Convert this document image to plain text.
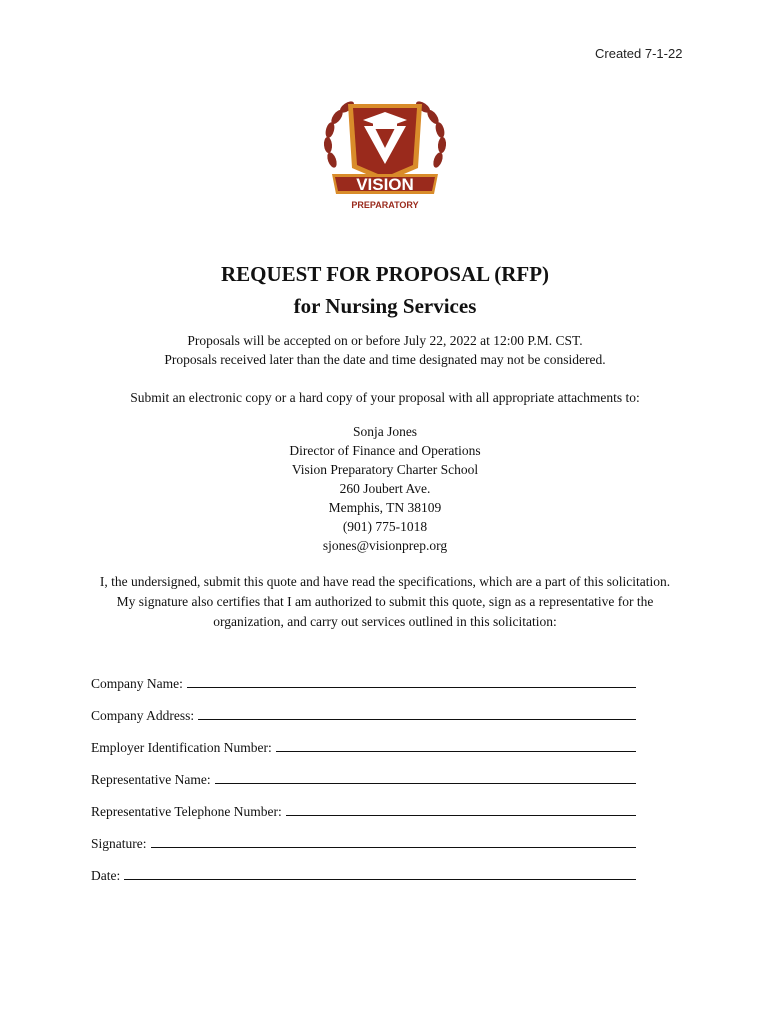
Created 7-1-22
VISION
PREPARATORY
REQUEST FOR PROPOSAL (RFP)
for Nursing Services
Proposals will be accepted on or before July 22, 2022 at 12:00 P.M. CST.
Proposals received later than the date and time designated may not be considered.
Submit an electronic copy or a hard copy of your proposal with all appropriate attachments to:
Sonja Jones
Director of Finance and Operations
Vision Preparatory Charter School
260 Joubert Ave.
Memphis, TN 38109
(901) 775-1018
sjones@visionprep.org
I, the undersigned, submit this quote and have read the specifications, which are a part of this solicitation.
My signature also certifies that I am authorized to submit this quote, sign as a representative for the
organization, and carry out services outlined in this solicitation:
Company Name:
Company Address:
Employer Identification Number:
Representative Name:
Representative Telephone Number:
Signature:
Date:
